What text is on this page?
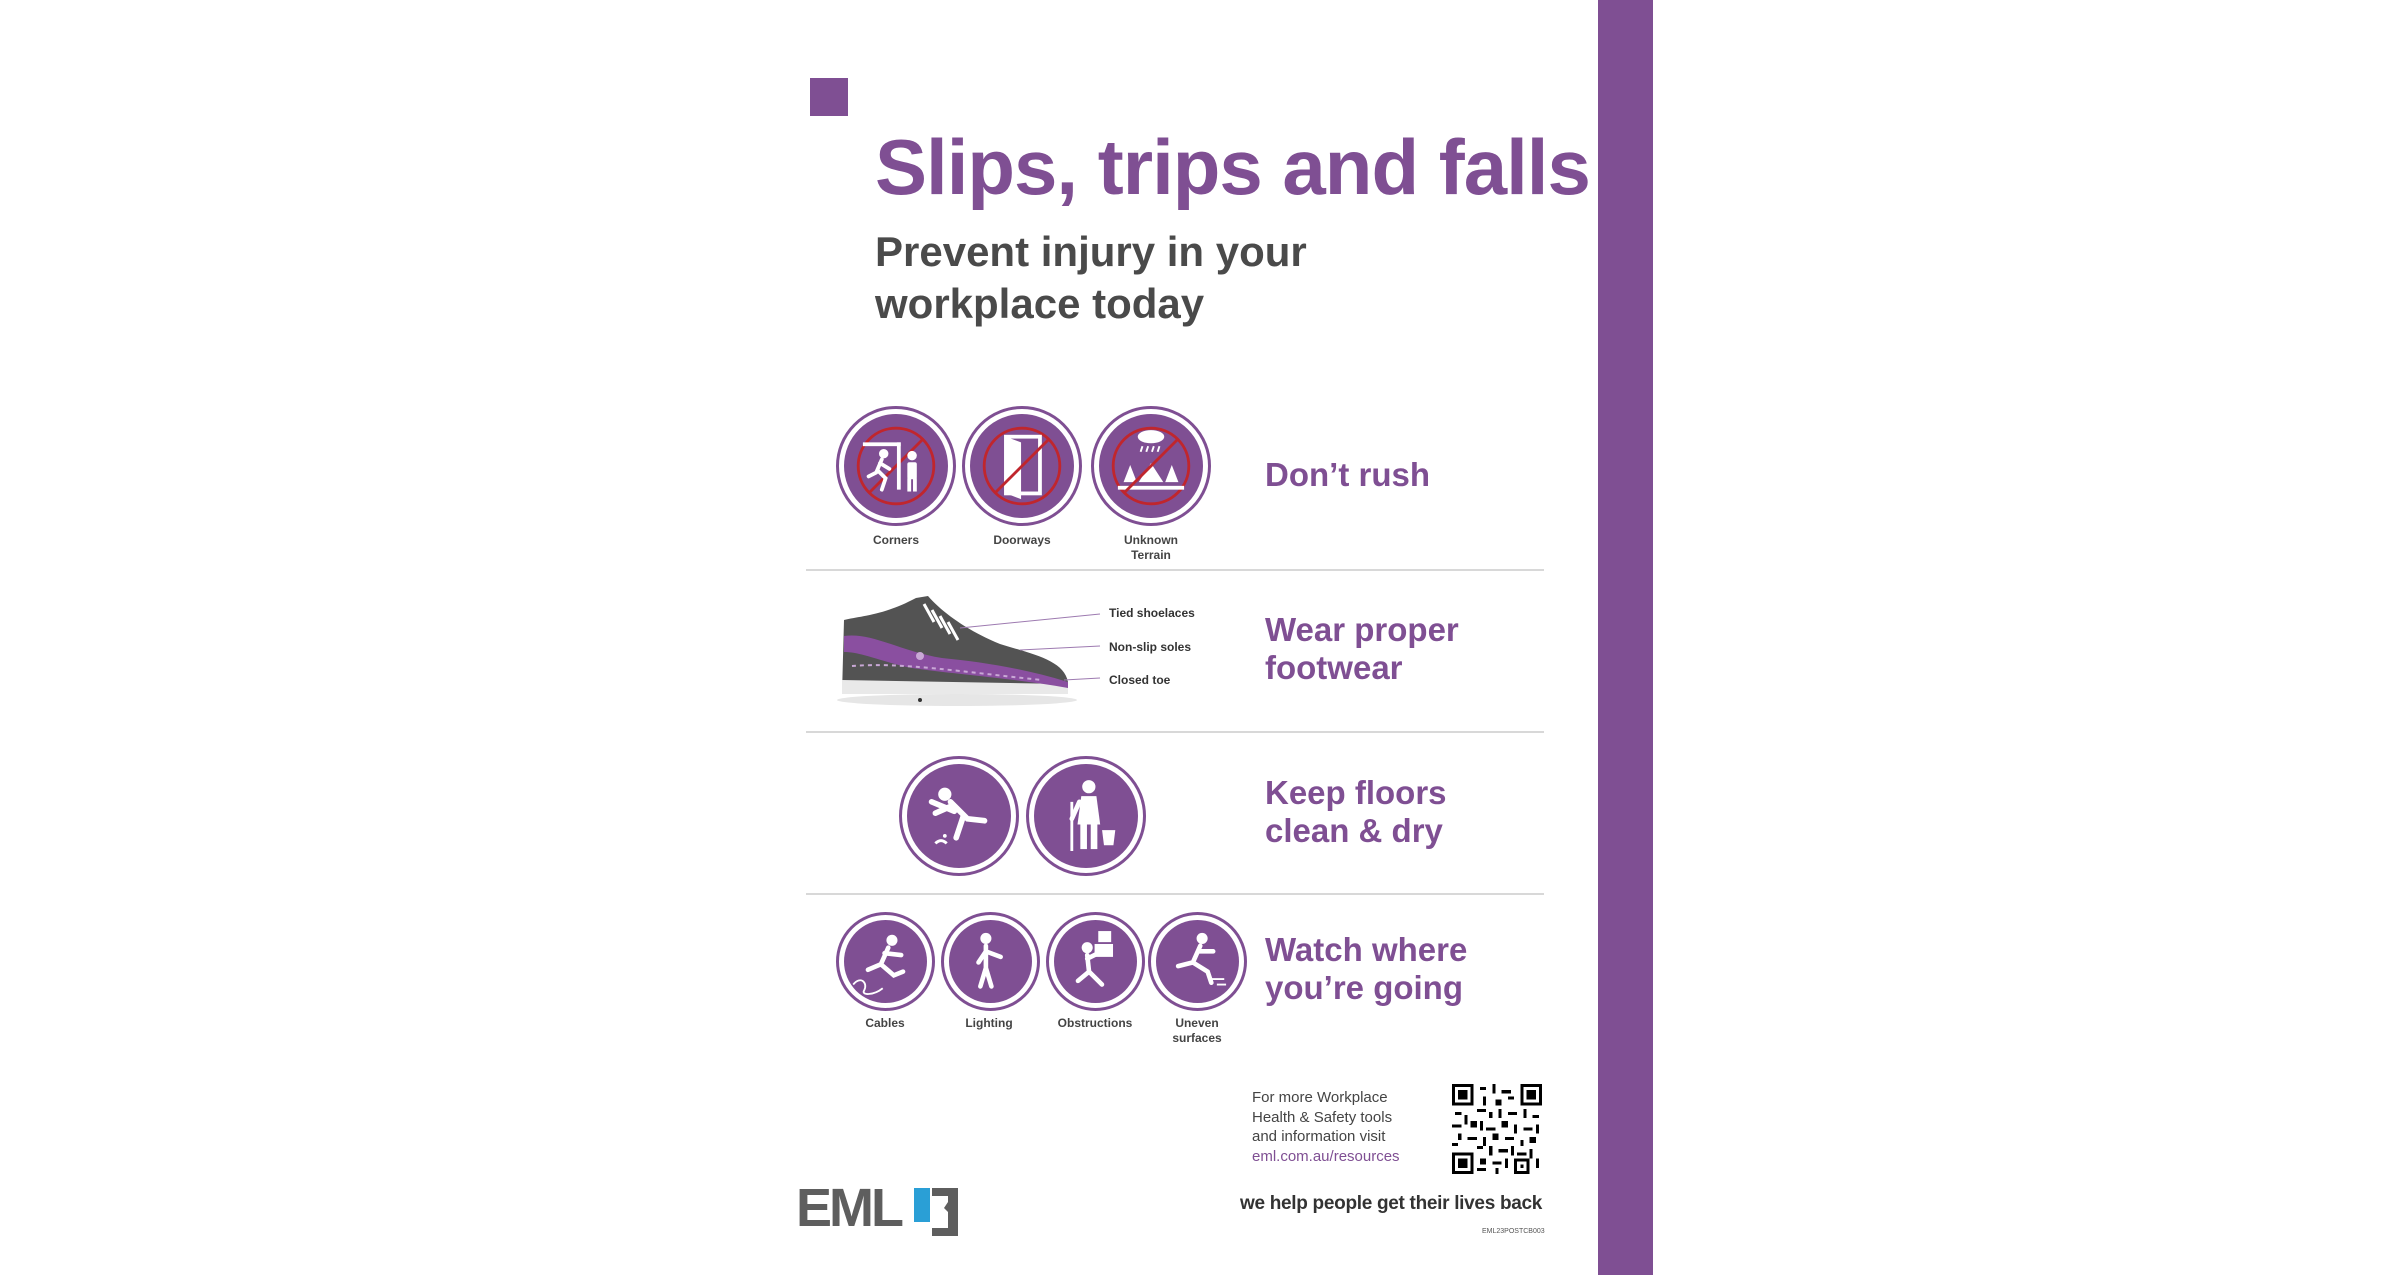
Slips, trips and falls
Prevent injury in your
workplace today
Corners	Doorways	Unknown
Terrain
Don’t rush
Tied shoelaces
Non-slip soles
Closed toe
Wear proper
footwear
Keep floors
clean & dry
Cables	Lighting	Obstructions	Uneven
surfaces
Watch where
you’re going
For more Workplace
Health & Safety tools
and information visit
eml.com.au/resources
we help people get their lives back
EML23POSTCB003
EML
